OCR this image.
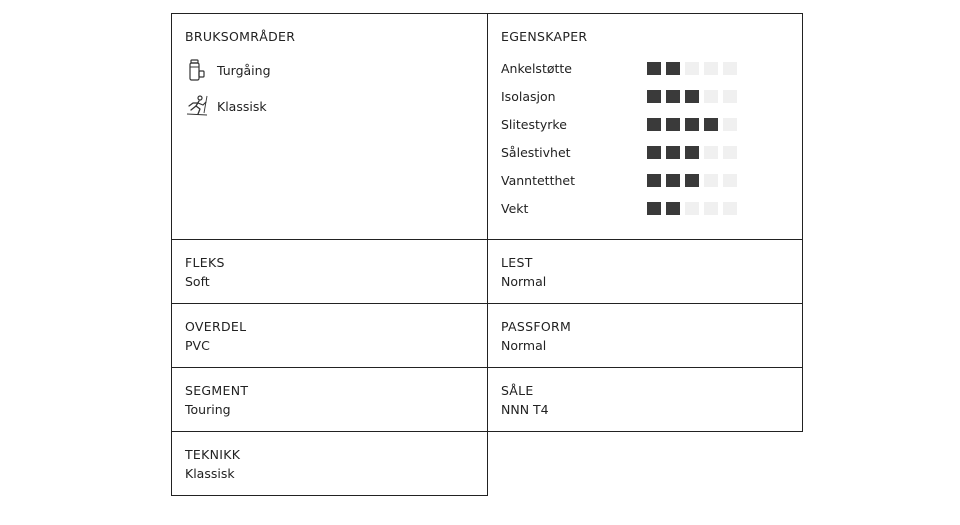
BRUKSOMRÅDER
Turgåing
Klassisk
EGENSKAPER
Ankelstøtte
Isolasjon
Slitestyrke
Sålestivhet
Vanntetthet
Vekt
FLEKS
Soft
LEST
Normal
OVERDEL
PVC
PASSFORM
Normal
SEGMENT
Touring
SÅLE
NNN T4
TEKNIKK
Klassisk
